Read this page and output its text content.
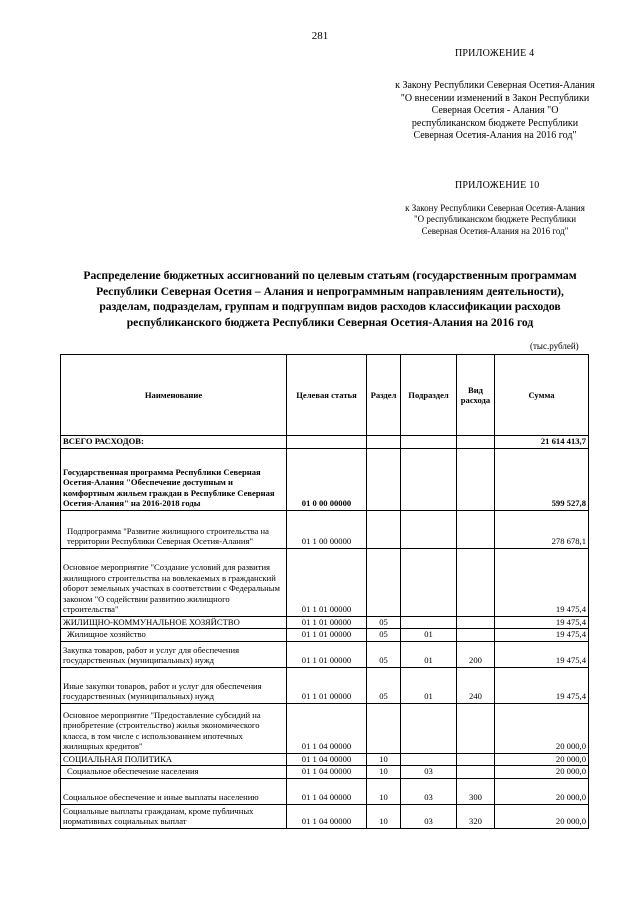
281
ПРИЛОЖЕНИЕ 4
к Закону Республики Северная Осетия-Алания "О внесении изменений в Закон Республики Северная Осетия - Алания "О республиканском бюджете Республики Северная Осетия-Алания на 2016 год"
ПРИЛОЖЕНИЕ 10
к Закону Республики Северная Осетия-Алания "О республиканском бюджете Республики Северная Осетия-Алания на 2016 год"
Распределение бюджетных ассигнований по целевым статьям (государственным программам Республики Северная Осетия – Алания и непрограммным направлениям деятельности), разделам, подразделам, группам и подгруппам видов расходов классификации расходов республиканского бюджета Республики Северная Осетия-Алания на 2016 год
(тыс.рублей)
Наименование	Целевая статья	Раздел	Подраздел	Вид расхода	Сумма
ВСЕГО РАСХОДОВ:					21 614 413,7
Государственная программа Республики Северная Осетия-Алания "Обеспечение доступным и комфортным жильем граждан в Республике Северная Осетия-Алания" на 2016-2018 годы	01 0 00 00000				599 527,8
Подпрограмма "Развитие жилищного строительства на территории Республики Северная Осетия-Алания"	01 1 00 00000				278 678,1
Основное мероприятие "Создание условий для развития жилищного строительства на вовлекаемых в гражданский оборот земельных участках в соответствии с Федеральным законом "О содействии развитию жилищного строительства"	01 1 01 00000				19 475,4
ЖИЛИЩНО-КОММУНАЛЬНОЕ ХОЗЯЙСТВО	01 1 01 00000	05			19 475,4
Жилищное хозяйство	01 1 01 00000	05	01		19 475,4
Закупка товаров, работ и услуг для обеспечения государственных (муниципальных) нужд	01 1 01 00000	05	01	200	19 475,4
Иные закупки товаров, работ и услуг для обеспечения государственных (муниципальных) нужд	01 1 01 00000	05	01	240	19 475,4
Основное мероприятие "Предоставление субсидий на приобретение (строительство) жилья экономического класса, в том числе с использованием ипотечных жилищных кредитов"	01 1 04 00000				20 000,0
СОЦИАЛЬНАЯ ПОЛИТИКА	01 1 04 00000	10			20 000,0
Социальное обеспечение населения	01 1 04 00000	10	03		20 000,0
Социальное обеспечение и иные выплаты населению	01 1 04 00000	10	03	300	20 000,0
Социальные выплаты гражданам, кроме публичных нормативных социальных выплат	01 1 04 00000	10	03	320	20 000,0
